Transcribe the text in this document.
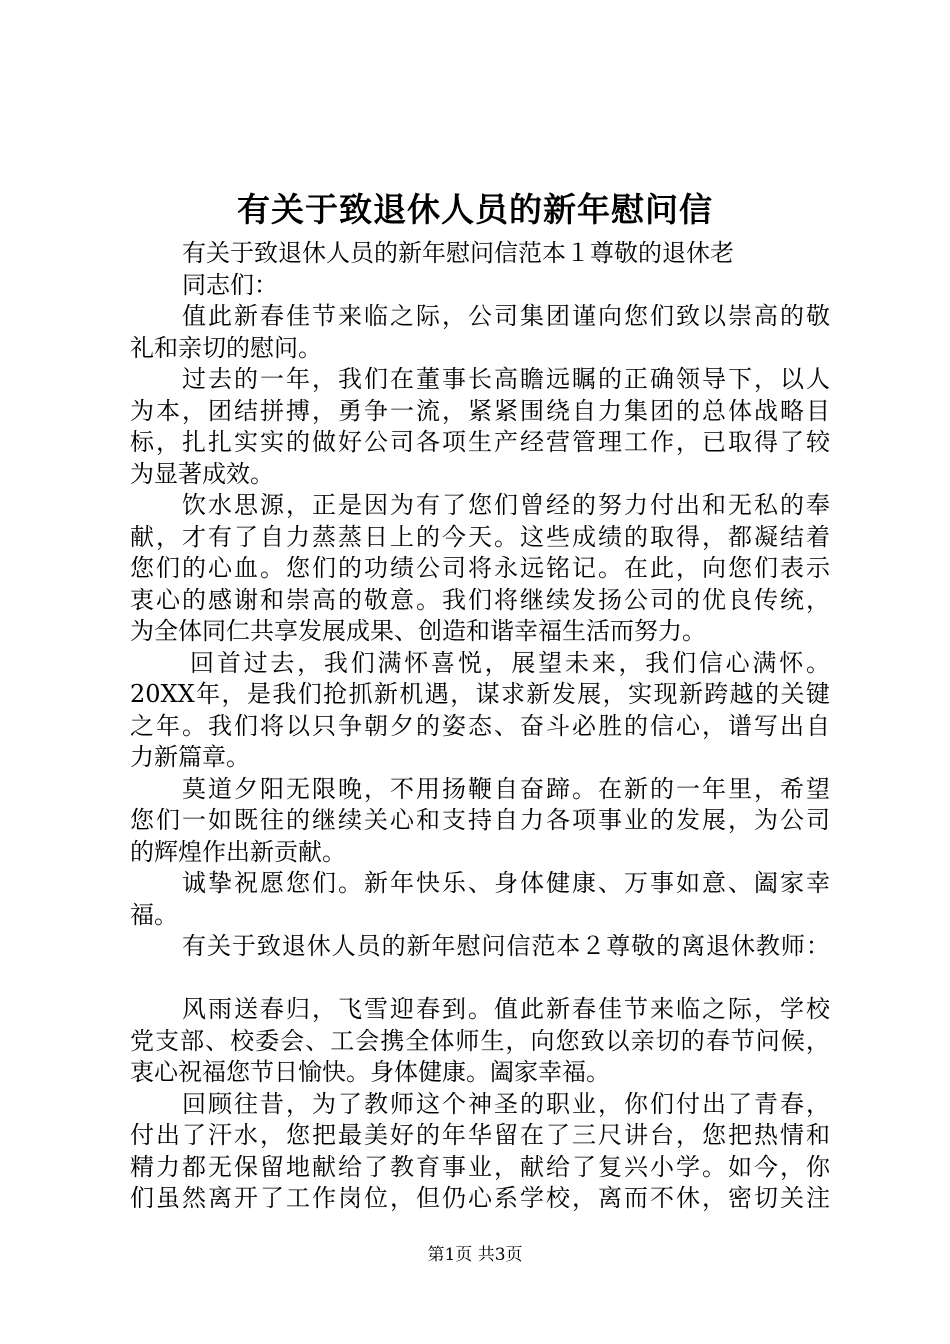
有关于致退休人员的新年慰问信
有关于致退休人员的新年慰问信范本１尊敬的退休老
同志们：
值 此 新 春 佳 节 来 临 之 际 ， 公 司 集 团 谨 向 您 们 致 以 崇 高 的 敬
礼和亲切的慰问。
过 去 的 一 年 ， 我 们 在 董 事 长 高 瞻 远 瞩 的 正 确 领 导 下 ， 以 人
为 本 ， 团 结 拼 搏 ， 勇 争 一 流 ， 紧 紧 围 绕 自 力 集 团 的 总 体 战 略 目
标 ， 扎 扎 实 实 的 做 好 公 司 各 项 生 产 经 营 管 理 工 作 ， 已 取 得 了 较
为显著成效。
饮 水 思 源 ， 正 是 因 为 有 了 您 们 曾 经 的 努 力 付 出 和 无 私 的 奉
献 ， 才 有 了 自 力 蒸 蒸 日 上 的 今 天 。 这 些 成 绩 的 取 得 ， 都 凝 结 着
您 们 的 心 血 。 您 们 的 功 绩 公 司 将 永 远 铭 记 。 在 此 ， 向 您 们 表 示
衷 心 的 感 谢 和 崇 高 的 敬 意 。 我 们 将 继 续 发 扬 公 司 的 优 良 传 统 ，
为全体同仁共享发展成果、创造和谐幸福生活而努力。
回 首 过 去 ， 我 们 满 怀 喜 悦 ， 展 望 未 来 ， 我 们 信 心 满 怀 。
20XX 年 ， 是 我 们 抢 抓 新 机 遇 ， 谋 求 新 发 展 ， 实 现 新 跨 越 的 关 键
之 年 。 我 们 将 以 只 争 朝 夕 的 姿 态 、 奋 斗 必 胜 的 信 心 ， 谱 写 出 自
力新篇章。
莫 道 夕 阳 无 限 晚 ， 不 用 扬 鞭 自 奋 蹄 。 在 新 的 一 年 里 ， 希 望
您 们 一 如 既 往 的 继 续 关 心 和 支 持 自 力 各 项 事 业 的 发 展 ， 为 公 司
的辉煌作出新贡献。
诚 挚 祝 愿 您 们 。 新 年 快 乐 、 身 体 健 康 、 万 事 如 意 、 阖 家 幸
福。
有 关 于 致 退 休 人 员 的 新 年 慰 问 信 范 本 ２ 尊 敬 的 离 退 休 教 师 ：
风 雨 送 春 归 ， 飞 雪 迎 春 到 。 值 此 新 春 佳 节 来 临 之 际 ， 学 校
党 支 部 、 校 委 会 、 工 会 携 全 体 师 生 ， 向 您 致 以 亲 切 的 春 节 问 候 ，
衷心祝福您节日愉快。身体健康。阖家幸福。
回 顾 往 昔 ， 为 了 教 师 这 个 神 圣 的 职 业 ， 你 们 付 出 了 青 春 ，
付 出 了 汗 水 ， 您 把 最 美 好 的 年 华 留 在 了 三 尺 讲 台 ， 您 把 热 情 和
精 力 都 无 保 留 地 献 给 了 教 育 事 业 ， 献 给 了 复 兴 小 学 。 如 今 ， 你
们 虽 然 离 开 了 工 作 岗 位 ， 但 仍 心 系 学 校 ， 离 而 不 休 ， 密 切 关 注
第1页 共3页
